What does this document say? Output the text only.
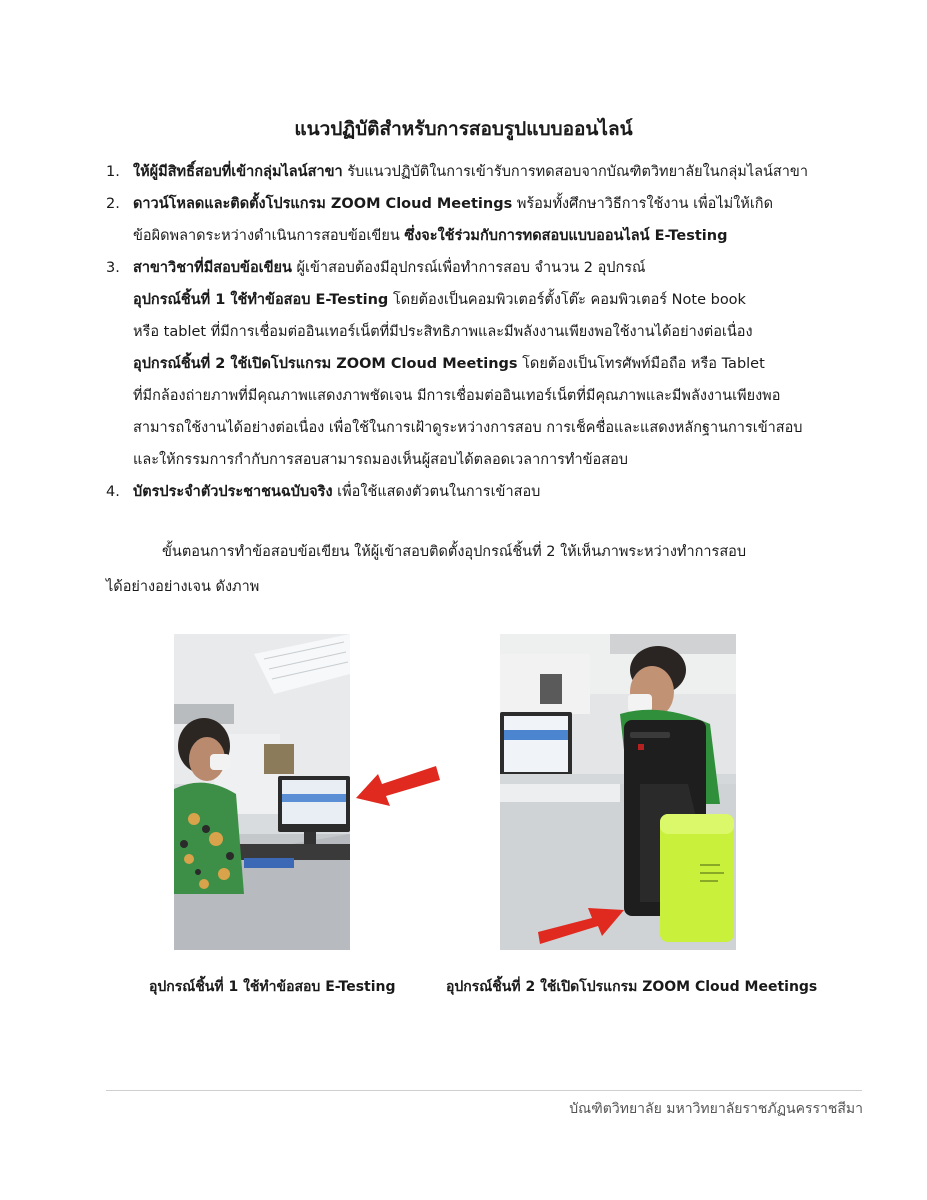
แนวปฏิบัติสำหรับการสอบรูปแบบออนไลน์
1. ให้ผู้มีสิทธิ์สอบที่เข้ากลุ่มไลน์สาขา รับแนวปฏิบัติในการเข้ารับการทดสอบจากบัณฑิตวิทยาลัยในกลุ่มไลน์สาขา
2. ดาวน์โหลดและติดตั้งโปรแกรม ZOOM Cloud Meetings พร้อมทั้งศึกษาวิธีการใช้งาน เพื่อไม่ให้เกิด
ข้อผิดพลาดระหว่างดำเนินการสอบข้อเขียน ซึ่งจะใช้ร่วมกับการทดสอบแบบออนไลน์ E-Testing
3. สาขาวิชาที่มีสอบข้อเขียน ผู้เข้าสอบต้องมีอุปกรณ์เพื่อทำการสอบ จำนวน 2 อุปกรณ์
อุปกรณ์ชิ้นที่ 1 ใช้ทำข้อสอบ E-Testing โดยต้องเป็นคอมพิวเตอร์ตั้งโต๊ะ คอมพิวเตอร์ Note book
หรือ tablet ที่มีการเชื่อมต่ออินเทอร์เน็ตที่มีประสิทธิภาพและมีพลังงานเพียงพอใช้งานได้อย่างต่อเนื่อง
อุปกรณ์ชิ้นที่ 2 ใช้เปิดโปรแกรม ZOOM Cloud Meetings โดยต้องเป็นโทรศัพท์มือถือ หรือ Tablet
ที่มีกล้องถ่ายภาพที่มีคุณภาพแสดงภาพชัดเจน มีการเชื่อมต่ออินเทอร์เน็ตที่มีคุณภาพและมีพลังงานเพียงพอ
สามารถใช้งานได้อย่างต่อเนื่อง เพื่อใช้ในการเฝ้าดูระหว่างการสอบ การเช็คชื่อและแสดงหลักฐานการเข้าสอบ
และให้กรรมการกำกับการสอบสามารถมองเห็นผู้สอบได้ตลอดเวลาการทำข้อสอบ
4. บัตรประจำตัวประชาชนฉบับจริง เพื่อใช้แสดงตัวตนในการเข้าสอบ
ขั้นตอนการทำข้อสอบข้อเขียน ให้ผู้เข้าสอบติดตั้งอุปกรณ์ชิ้นที่ 2 ให้เห็นภาพระหว่างทำการสอบ
ได้อย่างอย่างเจน ดังภาพ
อุปกรณ์ชิ้นที่ 1 ใช้ทำข้อสอบ E-Testing	อุปกรณ์ชิ้นที่ 2 ใช้เปิดโปรแกรม ZOOM Cloud Meetings
บัณฑิตวิทยาลัย มหาวิทยาลัยราชภัฏนครราชสีมา
